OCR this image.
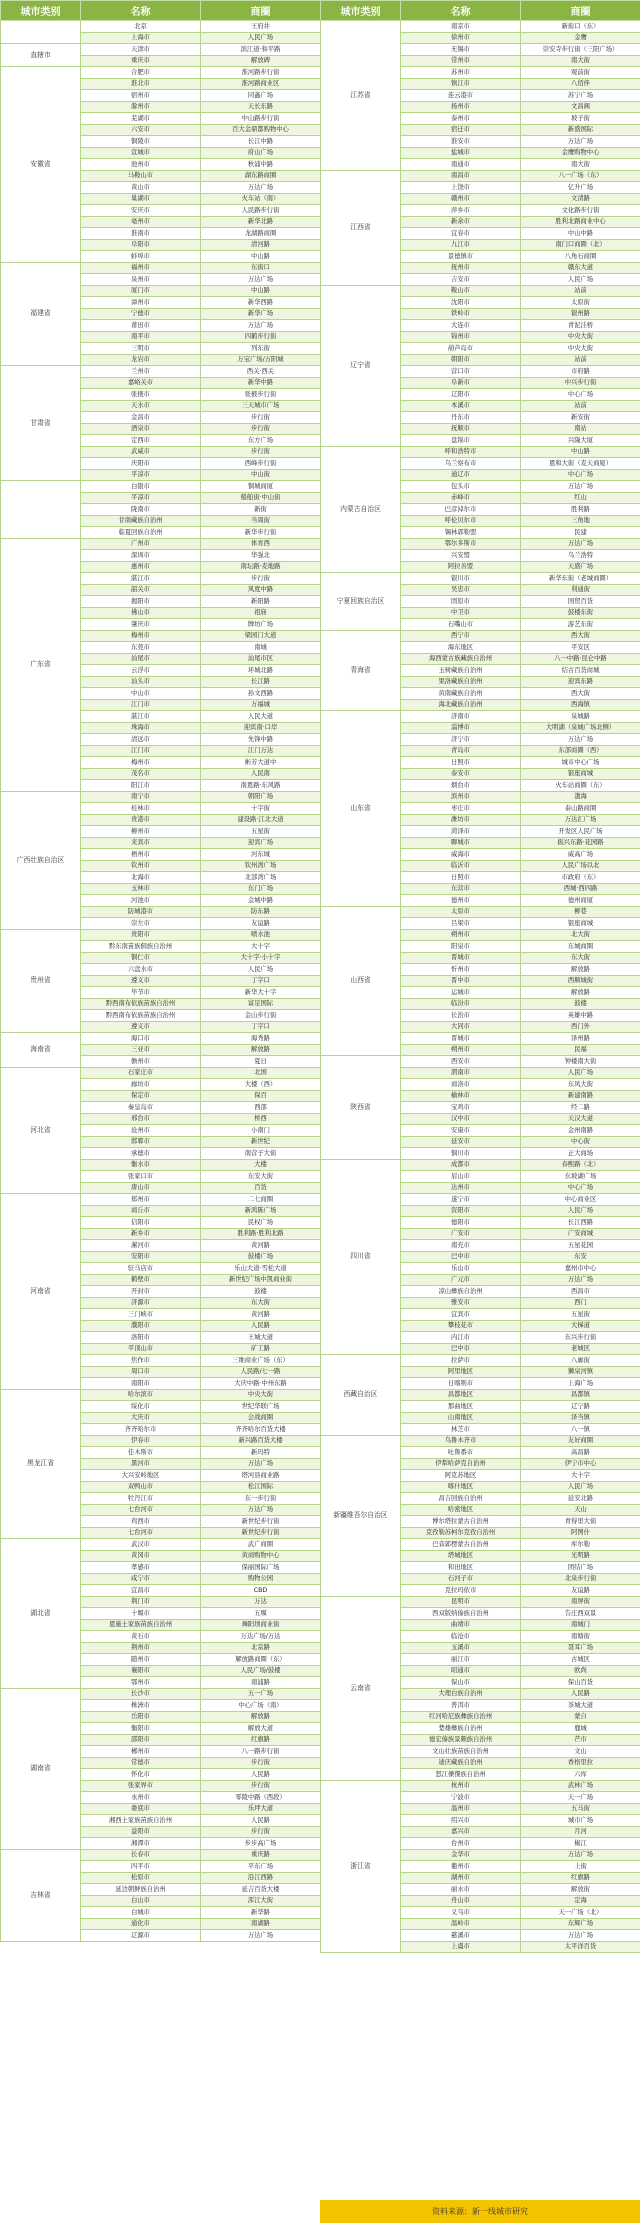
城市类别	名称	商圈
	北京	王府井
	上海市	人民广场
直辖市	天津市	滨江道·和平路
	重庆市	解放碑
安徽省	合肥市	淮河路步行街
	淮北市	淮河路商业区
	宿州市	同鑫广场
	滁州市	天长东路
	芜湖市	中山路步行街
	六安市	百大金鼎都购物中心
	铜陵市	长江中路
	宣城市	府山广场
	池州市	秋浦中路
	马鞍山市	湖东路商圈
	黄山市	万达广场
	巢湖市	火车站（南）
	安庆市	人民路步行街
	亳州市	新华北路
	淮南市	龙湖路商圈
	阜阳市	清河路
	蚌埠市	中山路
福建省	福州市	东街口
	泉州市	万达广场
	厦门市	中山路
	漳州市	新华西路
	宁德市	新华广场
	莆田市	万达广场
	南平市	四鹤步行街
	三明市	列东街
	龙岩市	万宝广场/万阳城
甘肃省	兰州市	西关·西关
	嘉峪关市	新华中路
	张掖市	张掖步行街
	天水市	三天城市广场
	金昌市	步行街
	酒泉市	步行街
	定西市	东方广场
	武威市	步行街
	庆阳市	西峰步行街
	平凉市	中山街
	白银市	铜城商厦
	平凉市	船舶街·中山街
	陇南市	新街
	甘南藏族自治州	当周街
	临夏回族自治州	新华步行街
广东省	广州市	体育西
	深圳市	华强北
	惠州市	南坛路·麦地路
	湛江市	步行街
	韶关市	风度中路
	揭阳市	新阳路
	佛山市	祖庙
	肇庆市	牌坊广场
	梅州市	梁园门大道
	东莞市	南城
	汕尾市	汕尾市区
	云浮市	环城北路
	汕头市	长江路
	中山市	孙文西路
	江门市	万福城
	湛江市	人民大道
	珠海市	迎宾南·口岸
	清远市	先锋中路
	江门市	江门万达
	梅州市	彬芳大道中
	茂名市	人民南
	阳江市	南恩路·东风路
广西壮族自治区	南宁市	朝阳广场
	桂林市	十字街
	贵港市	建设路·江北大道
	柳州市	五星街
	来宾市	迎宾广场
	梧州市	河东城
	钦州市	钦州湾广场
	北海市	北部湾广场
	玉林市	东门广场
	河池市	金城中路
	防城港市	防东路
	崇左市	友谊路
贵州省	贵阳市	喷水池
	黔东南苗族侗族自治州	大十字
	铜仁市	大十字·小十字
	六盘水市	人民广场
	遵义市	丁字口
	毕节市	新华大十字
	黔西南布依族苗族自治州	富足国际
	黔西南布依族苗族自治州	金山步行街
	遵义市	丁字口
海南省	海口市	海秀路
	三亚市	解放路
	儋州市	夏日
河北省	石家庄市	北国
	廊坊市	大楼（西）
	保定市	保百
	秦皇岛市	西部
	邢台市	桥西
	沧州市	小南门
	邯郸市	新世纪
	承德市	南营子大街
	衡水市	大楼
	张家口市	东安大街
	唐山市	百货
河南省	郑州市	二七商圈
	商丘市	新鸿陈广场
	信阳市	民权广场
	新乡市	胜利路·胜利北路
	漯河市	黄河路
	安阳市	鼓楼广场
	驻马店市	乐山大道·雪松大道
	鹤壁市	新世纪广场中凯商业街
	开封市	鼓楼
	济源市	东大街
	三门峡市	黄河路
	濮阳市	人民路
	洛阳市	王城大道
	平顶山市	矿工路
	焦作市	三维商业广场（东）
	周口市	人民路/七一路
	南阳市	大庆中路·中州东路
黑龙江省	哈尔滨市	中央大街
	绥化市	世纪华联广场
	大庆市	会战商圈
	齐齐哈尔市	齐齐哈尔百货大楼
	伊春市	新兴路百货大楼
	佳木斯市	新玛特
	黑河市	万达广场
	大兴安岭地区	塔河县商业路
	双鸭山市	松江国际
	牡丹江市	东一步行街
	七台河市	万达广场
	鸡西市	新世纪步行街
	七台河市	新世纪步行街
湖北省	武汉市	武广商圈
	黄冈市	黄商购物中心
	孝感市	保丽国际广场
	咸宁市	购物公园
	宜昌市	CBD
	荆门市	万达
	十堰市	五堰
	恩施土家族苗族自治州	舞阳坝商业街
	黄石市	万达广场/万达
	荆州市	北京路
	随州市	解放路商圈（东）
	襄阳市	人民广场/鼓楼
	鄂州市	南浦路
湖南省	长沙市	五一广场
	株洲市	中心广场（南）
	岳阳市	解放路
	衡阳市	解放大道
	邵阳市	红旗路
	郴州市	八一路步行街
	常德市	步行街
	怀化市	人民路
	张家界市	步行街
	永州市	零陵中路（西段）
	娄底市	乐坪大道
	湘西土家族苗族自治州	人民路
	益阳市	步行街
	湘潭市	步步高广场
吉林省	长春市	重庆路
	四平市	平东广场
	松原市	沿江西路
	延边朝鲜族自治州	延吉百货大楼
	白山市	浑江大街
	白城市	新华路
	通化市	南湖路
	辽源市	万达广场
城市类别	名称	商圈
江苏省	南京市	新街口（东）
	徐州市	金鹰
	无锡市	崇安寺步行街（三阳广场）
	常州市	南大街
	苏州市	观前街
	镇江市	八佰伴
	连云港市	苏宁广场
	扬州市	文昌阁
	泰州市	坡子街
	宿迁市	新盛国际
	淮安市	万达广场
	盐城市	金鹰购物中心
	南通市	南大街
江西省	南昌市	八一广场（东）
	上饶市	亿升广场
	赣州市	文清路
	萍乡市	文化路步行街
	新余市	胜利北路商业中心
	宜春市	中山中路
	九江市	南门口商圈（北）
	景德镇市	八角石商圈
	抚州市	赣东大道
	吉安市	人民广场
辽宁省	鞍山市	站前
	沈阳市	太原街
	铁岭市	银州路
	大连市	青泥洼桥
	锦州市	中央大街
	葫芦岛市	中央大街
	朝阳市	站前
	营口市	市府路
	阜新市	中兴步行街
	辽阳市	中心广场
	本溪市	站前
	丹东市	新安街
	抚顺市	南站
	盘锦市	兴隆大厦
内蒙古自治区	呼和浩特市	中山路
	乌兰察布市	恩和大街（麦天商厦）
	通辽市	中心广场
	包头市	万达广场
	赤峰市	红山
	巴彦淖尔市	胜利路
	呼伦贝尔市	三角地
	锡林郭勒盟	民建
	鄂尔多斯市	万达广场
	兴安盟	乌兰浩特
	阿拉善盟	天盛广场
宁夏回族自治区	银川市	新华东街（老城商圈）
	吴忠市	利通街
	固原市	国贸百货
	中卫市	鼓楼东街
	石嘴山市	游艺东街
青海省	西宁市	西大街
	海东地区	平安区
	海西蒙古族藏族自治州	八一中路·昆仑中路
	玉树藏族自治州	结古百货商城
	果洛藏族自治州	迎宾东路
	黄南藏族自治州	西大街
	海北藏族自治州	西海镇
山东省	济南市	泉城路
	淄博市	大明湖（泉城广场北侧）
	济宁市	万达广场
	青岛市	东部商圈（西）
	日照市	城市中心广场
	泰安市	银座商城
	烟台市	火车站商圈（东）
	滨州市	渤海
	枣庄市	泰山路商圈
	潍坊市	万达汇广场
	菏泽市	开发区人民广场
	聊城市	振兴东路·花园路
	威海市	威高广场
	临沂市	人民广场以北
	日照市	市政府（东）
	东营市	西城·西四路
	德州市	德州商厦
山西省	太原市	柳巷
	吕梁市	银座商城
	朔州市	北大街
	阳泉市	东城商圈
	晋城市	东大街
	忻州市	解放路
	晋中市	西顺城街
	运城市	解放路
	临汾市	鼓楼
	长治市	英雄中路
	大同市	西门外
	晋城市	泽州路
	朔州市	民福
陕西省	西安市	钟楼南大街
	渭南市	人民广场
	商洛市	东风大街
	榆林市	新建南路
	宝鸡市	经二路
	汉中市	天汉大道
	安康市	金州南路
	延安市	中心街
	铜川市	正大商场
四川省	成都市	春熙路（北）
	眉山市	东坡湖广场
	达州市	中心广场
	遂宁市	中心商业区
	资阳市	人民广场
	德阳市	长江西路
	广安市	广安商城
	南充市	五星花园
	巴中市	东安
	乐山市	嘉州市中心
	广元市	万达广场
	凉山彝族自治州	西昌市
	雅安市	西门
	宜宾市	五星街
	攀枝花市	大梯道
	内江市	东兴步行街
	巴中市	老城区
西藏自治区	拉萨市	八廓街
	阿里地区	狮泉河镇
	日喀则市	上海广场
	昌都地区	昌都镇
	那曲地区	辽宁路
	山南地区	泽当镇
	林芝市	八一镇
新疆维吾尔自治区	乌鲁木齐市	友好商圈
	吐鲁番市	高昌路
	伊犁哈萨克自治州	伊宁市中心
	阿克苏地区	大十字
	喀什地区	人民广场
	昌吉回族自治州	延安北路
	哈密地区	天山
	博尔塔拉蒙古自治州	青得里大街
	克孜勒苏柯尔克孜自治州	阿图什
	巴音郭楞蒙古自治州	库尔勒
	塔城地区	光明路
	和田地区	团结广场
	石河子市	北泉步行街
	克拉玛依市	友谊路
云南省	昆明市	南屏街
	西双版纳傣族自治州	告庄西双景
	曲靖市	南城门
	临沧市	南塘街
	玉溪市	聂耳广场
	丽江市	古城区
	昭通市	欧尚
	保山市	保山百货
	大理白族自治州	人民路
	普洱市	茶城大道
	红河哈尼族彝族自治州	蒙自
	楚雄彝族自治州	鹿城
	德宏傣族景颇族自治州	芒市
	文山壮族苗族自治州	文山
	迪庆藏族自治州	香格里拉
	怒江傈僳族自治州	六库
浙江省	杭州市	武林广场
	宁波市	天一广场
	温州市	五马街
	绍兴市	城市广场
	嘉兴市	月河
	台州市	椒江
	金华市	万达广场
	衢州市	上街
	湖州市	红旗路
	丽水市	解放街
	舟山市	定海
	义乌市	天一广场（北）
	温岭市	东辉广场
	慈溪市	万达广场
	上虞市	太平洋百货
资料来源：新一线城市研究
